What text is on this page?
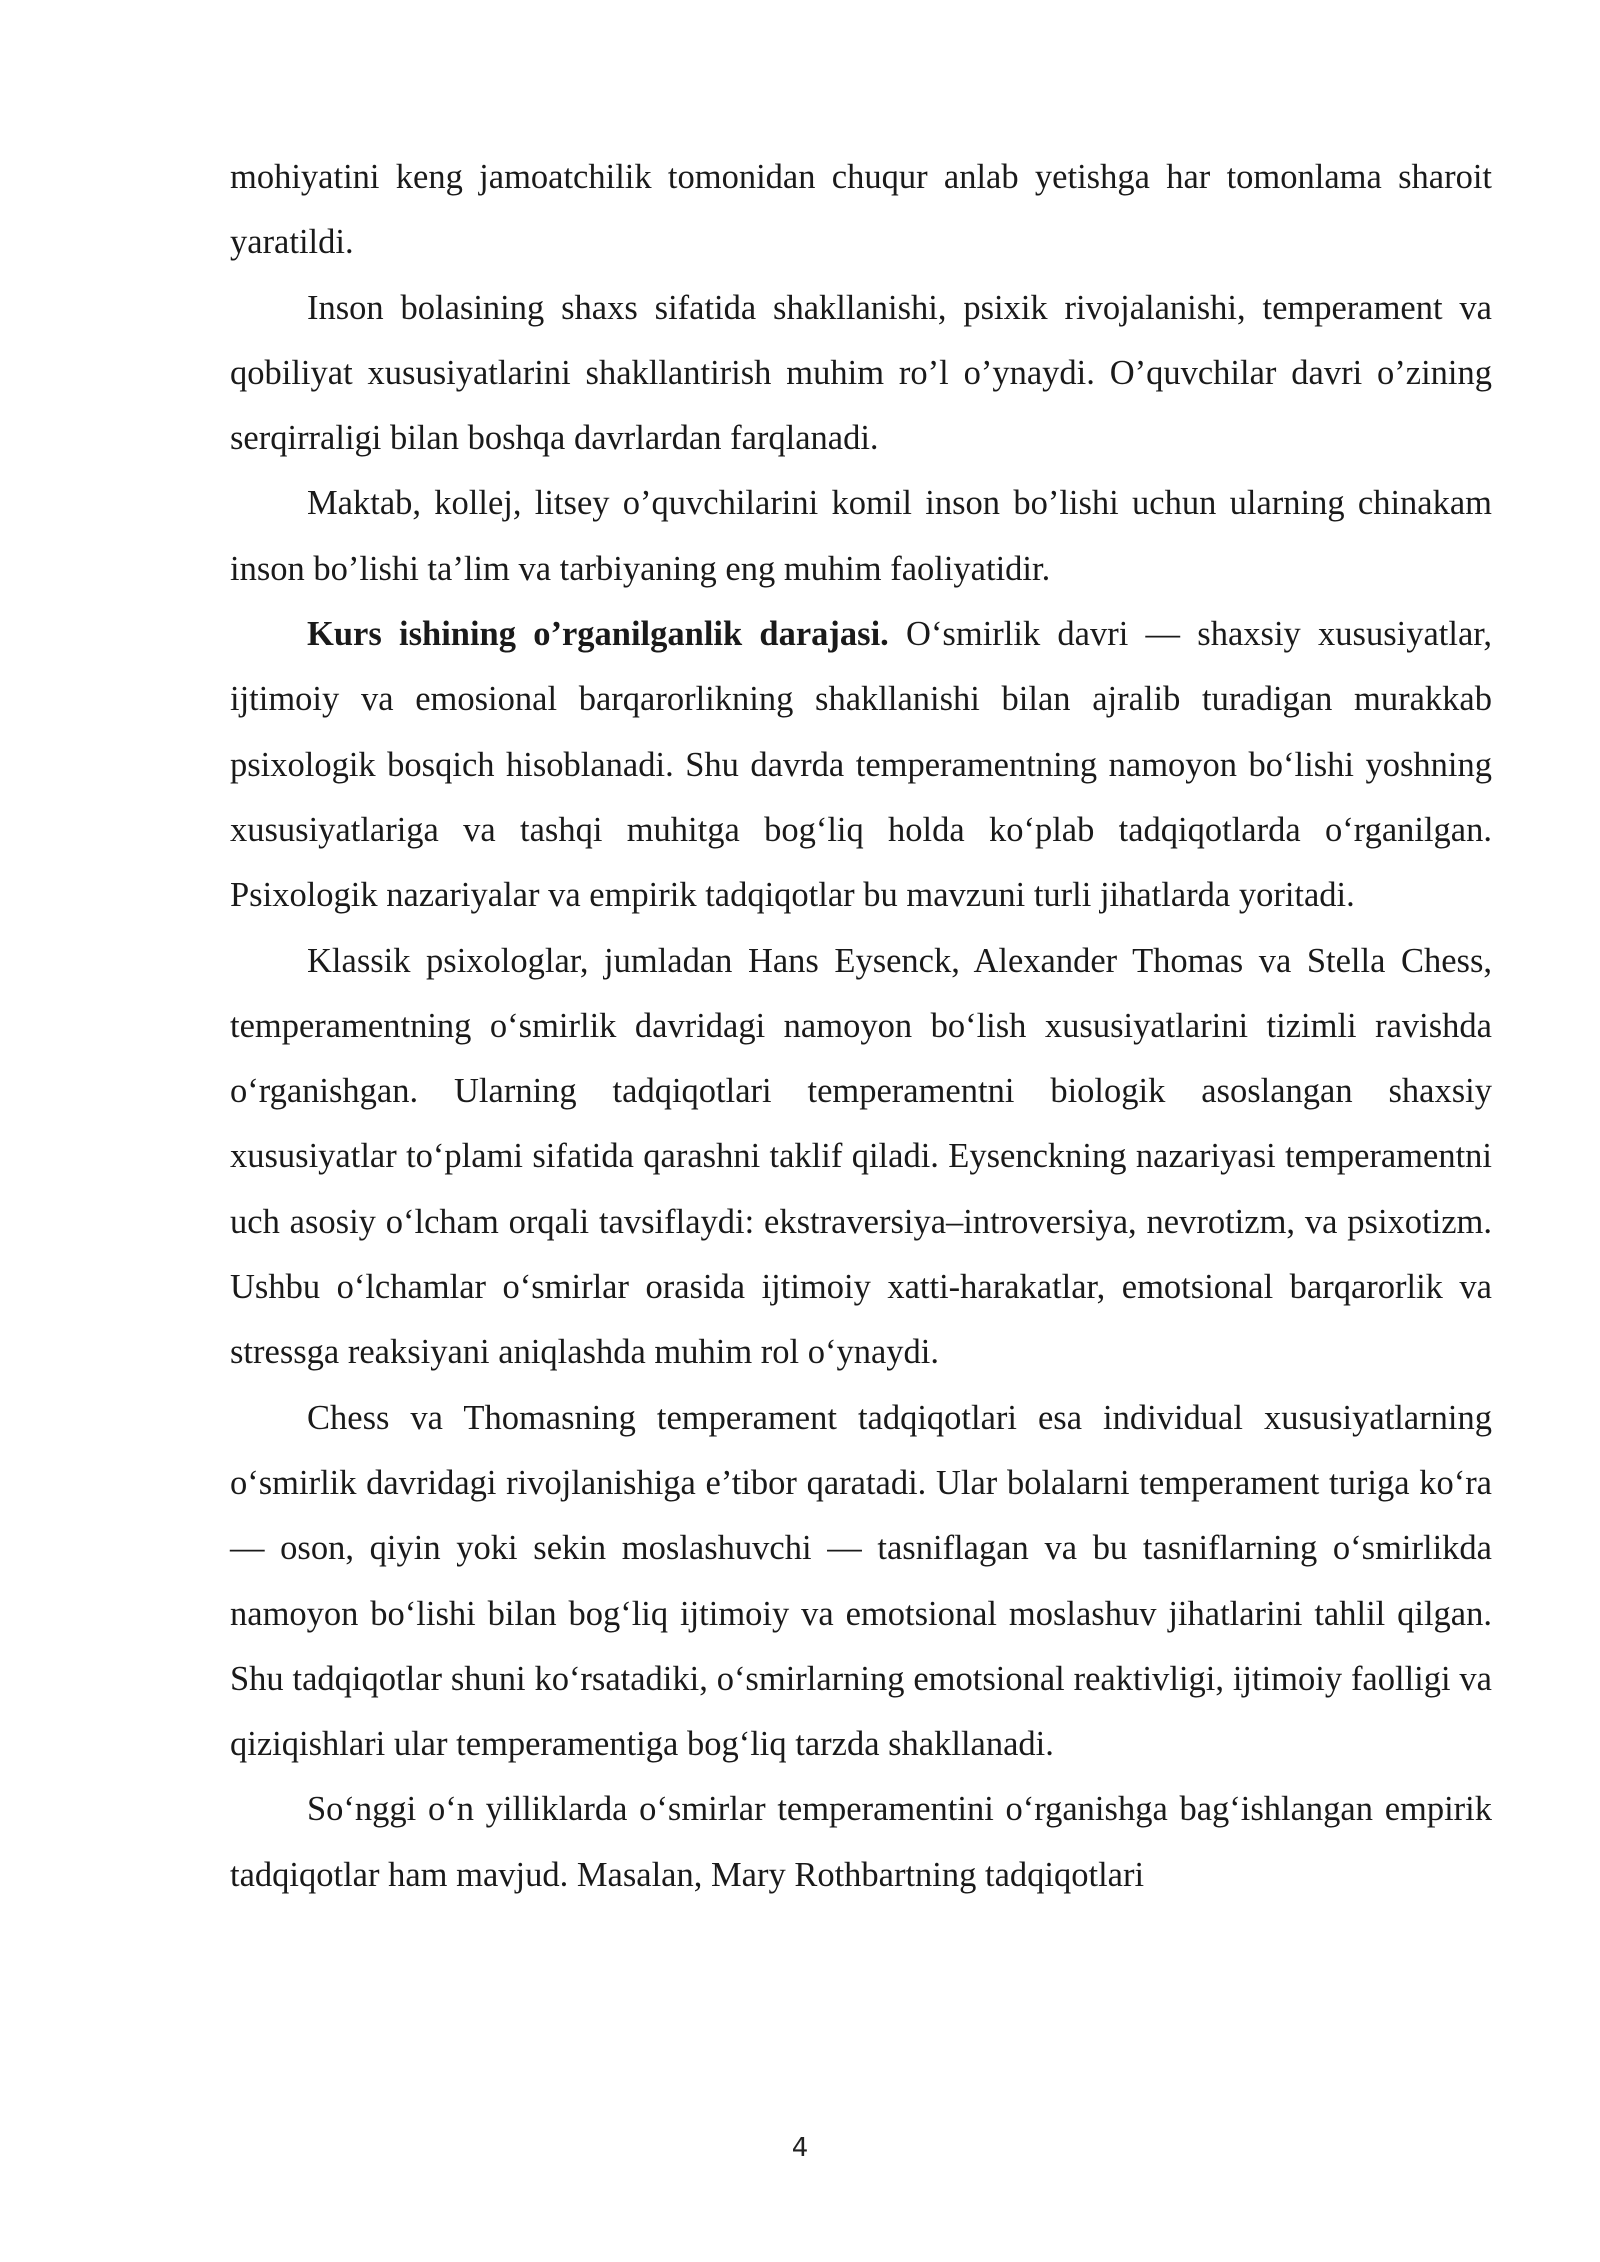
mohiyatini keng jamoatchilik tomonidan chuqur anlab yetishga har tomonlama sharoit yaratildi.

Inson bolasining shaxs sifatida shakllanishi, psixik rivojalanishi, temperament va qobiliyat xususiyatlarini shakllantirish muhim ro’l o’ynaydi. O’quvchilar davri o’zining serqirraligi bilan boshqa davrlardan farqlanadi.

Maktab, kollej, litsey o’quvchilarini komil inson bo’lishi uchun ularning chinakam inson bo’lishi ta’lim va tarbiyaning eng muhim faoliyatidir.

Kurs ishining o’rganilganlik darajasi. O‘smirlik davri — shaxsiy xususiyatlar, ijtimoiy va emosional barqarorlikning shakllanishi bilan ajralib turadigan murakkab psixologik bosqich hisoblanadi. Shu davrda temperamentning namoyon bo‘lishi yoshning xususiyatlariga va tashqi muhitga bog‘liq holda ko‘plab tadqiqotlarda o‘rganilgan. Psixologik nazariyalar va empirik tadqiqotlar bu mavzuni turli jihatlarda yoritadi.

Klassik psixologlar, jumladan Hans Eysenck, Alexander Thomas va Stella Chess, temperamentning o‘smirlik davridagi namoyon bo‘lish xususiyatlarini tizimli ravishda o‘rganishgan. Ularning tadqiqotlari temperamentni biologik asoslangan shaxsiy xususiyatlar to‘plami sifatida qarashni taklif qiladi. Eysenckning nazariyasi temperamentni uch asosiy o‘lcham orqali tavsiflaydi: ekstraversiya–introversiya, nevrotizm, va psixotizm. Ushbu o‘lchamlar o‘smirlar orasida ijtimoiy xatti-harakatlar, emotsional barqarorlik va stressga reaksiyani aniqlashda muhim rol o‘ynaydi.

Chess va Thomasning temperament tadqiqotlari esa individual xususiyatlarning o‘smirlik davridagi rivojlanishiga e’tibor qaratadi. Ular bolalarni temperament turiga ko‘ra — oson, qiyin yoki sekin moslashuvchi — tasniflagan va bu tasniflarning o‘smirlikda namoyon bo‘lishi bilan bog‘liq ijtimoiy va emotsional moslashuv jihatlarini tahlil qilgan. Shu tadqiqotlar shuni ko‘rsatadiki, o‘smirlarning emotsional reaktivligi, ijtimoiy faolligi va qiziqishlari ular temperamentiga bog‘liq tarzda shakllanadi.

So‘nggi o‘n yilliklarda o‘smirlar temperamentini o‘rganishga bag‘ishlangan empirik tadqiqotlar ham mavjud. Masalan, Mary Rothbartning tadqiqotlari

4
